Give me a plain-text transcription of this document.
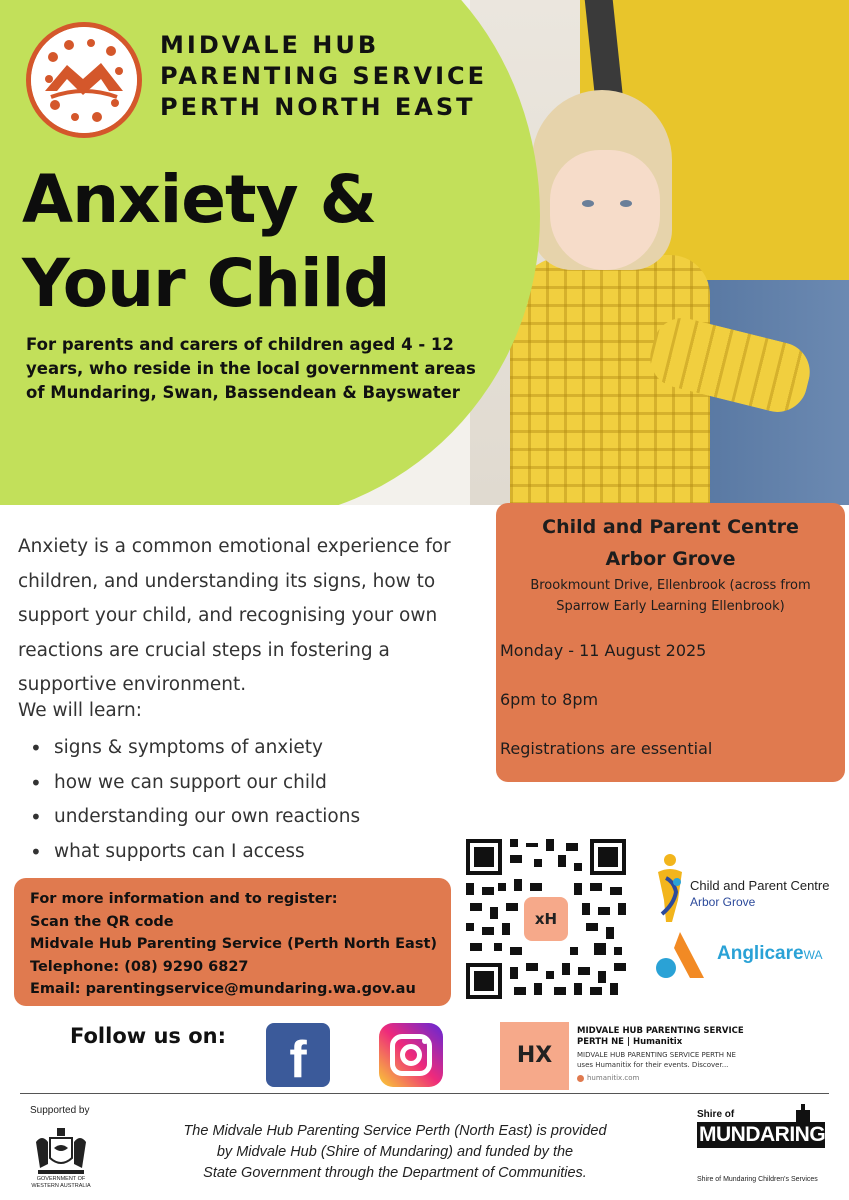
MIDVALE HUB
PARENTING SERVICE
PERTH NORTH EAST
Anxiety &
Your Child
For parents and carers of children aged 4 - 12 years, who reside in the local government areas of Mundaring, Swan, Bassendean & Bayswater
Anxiety is a common emotional experience for children, and understanding its signs, how to support your child, and recognising your own reactions are crucial steps in fostering a supportive environment.
We will learn:
• signs & symptoms of anxiety
• how we can support our child
• understanding our own reactions
• what supports can I access
Child and Parent Centre
Arbor Grove
Brookmount Drive, Ellenbrook (across from Sparrow Early Learning Ellenbrook)
Monday - 11 August 2025
6pm to 8pm
Registrations are essential
For more information and to register:
Scan the QR code
Midvale Hub Parenting Service (Perth North East)
Telephone: (08) 9290 6827
Email: parentingservice@mundaring.wa.gov.au
xH
Child and Parent Centre
Arbor Grove
AnglicareWA
Follow us on:	f	HX
MIDVALE HUB PARENTING SERVICE
PERTH NE | Humanitix
MIDVALE HUB PARENTING SERVICE PERTH NE
uses Humanitix for their events. Discover...
humanitix.com
Supported by
GOVERNMENT OF
WESTERN AUSTRALIA
The Midvale Hub Parenting Service Perth (North East) is provided
by Midvale Hub (Shire of Mundaring) and funded by the
State Government through the Department of Communities.
Shire of
MUNDARING
Shire of Mundaring Children's Services
